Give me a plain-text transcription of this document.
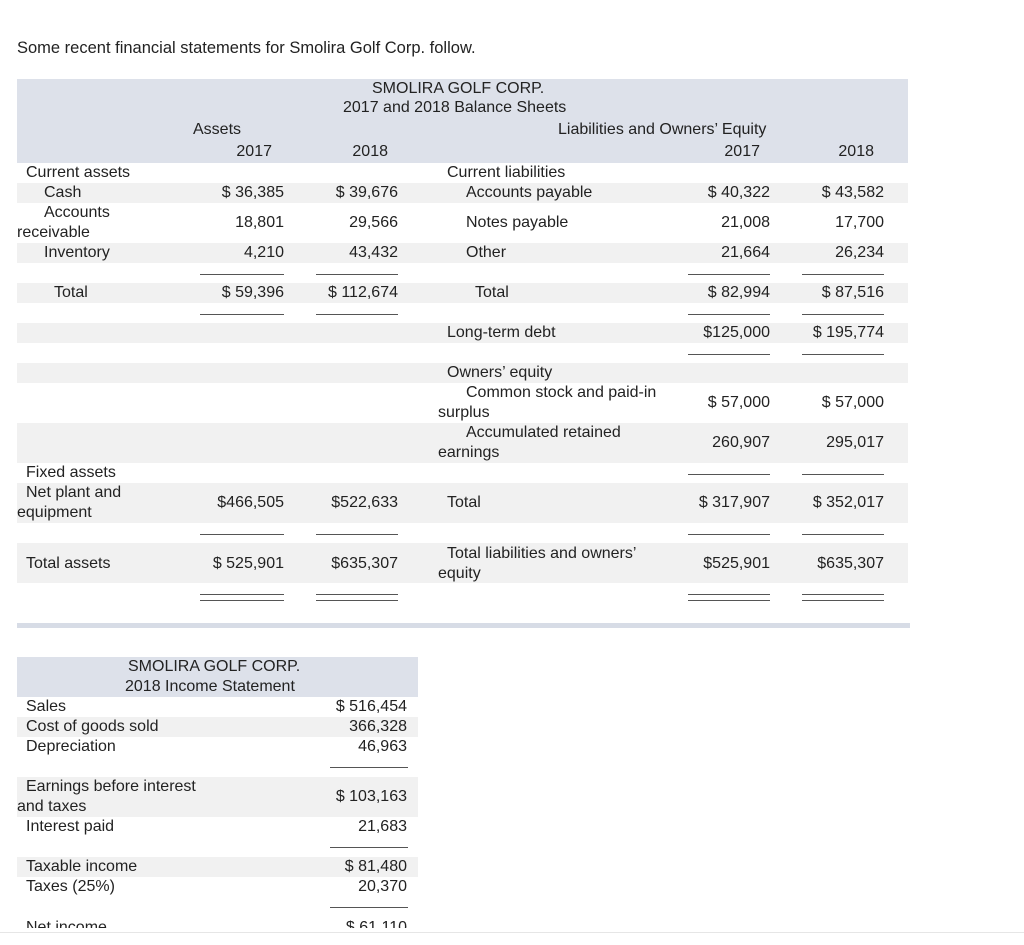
Some recent financial statements for Smolira Golf Corp. follow.
SMOLIRA GOLF CORP.
2017 and 2018 Balance Sheets
Assets	Liabilities and Owners’ Equity
2017	2018	2017	2018
Current assets
Cash	$ 36,385	$ 39,676
Accounts
receivable
18,801	29,566
Inventory	4,210	43,432
Total	$ 59,396	$ 112,674
Fixed assets
Net plant and
equipment
$466,505	$522,633
Total assets	$ 525,901	$635,307
Current liabilities
Accounts payable	$ 40,322	$ 43,582
Notes payable	21,008	17,700
Other	21,664	26,234
Total	$ 82,994	$ 87,516
Long-term debt	$125,000	$ 195,774
Owners’ equity
Common stock and paid-in
surplus
$ 57,000	$ 57,000
Accumulated retained
earnings
260,907	295,017
Total	$ 317,907	$ 352,017
Total liabilities and owners’
equity
$525,901	$635,307
SMOLIRA GOLF CORP.
2018 Income Statement
Sales	$ 516,454
Cost of goods sold	366,328
Depreciation	46,963
Earnings before interest
and taxes
$ 103,163
Interest paid	21,683
Taxable income	$ 81,480
Taxes (25%)	20,370
